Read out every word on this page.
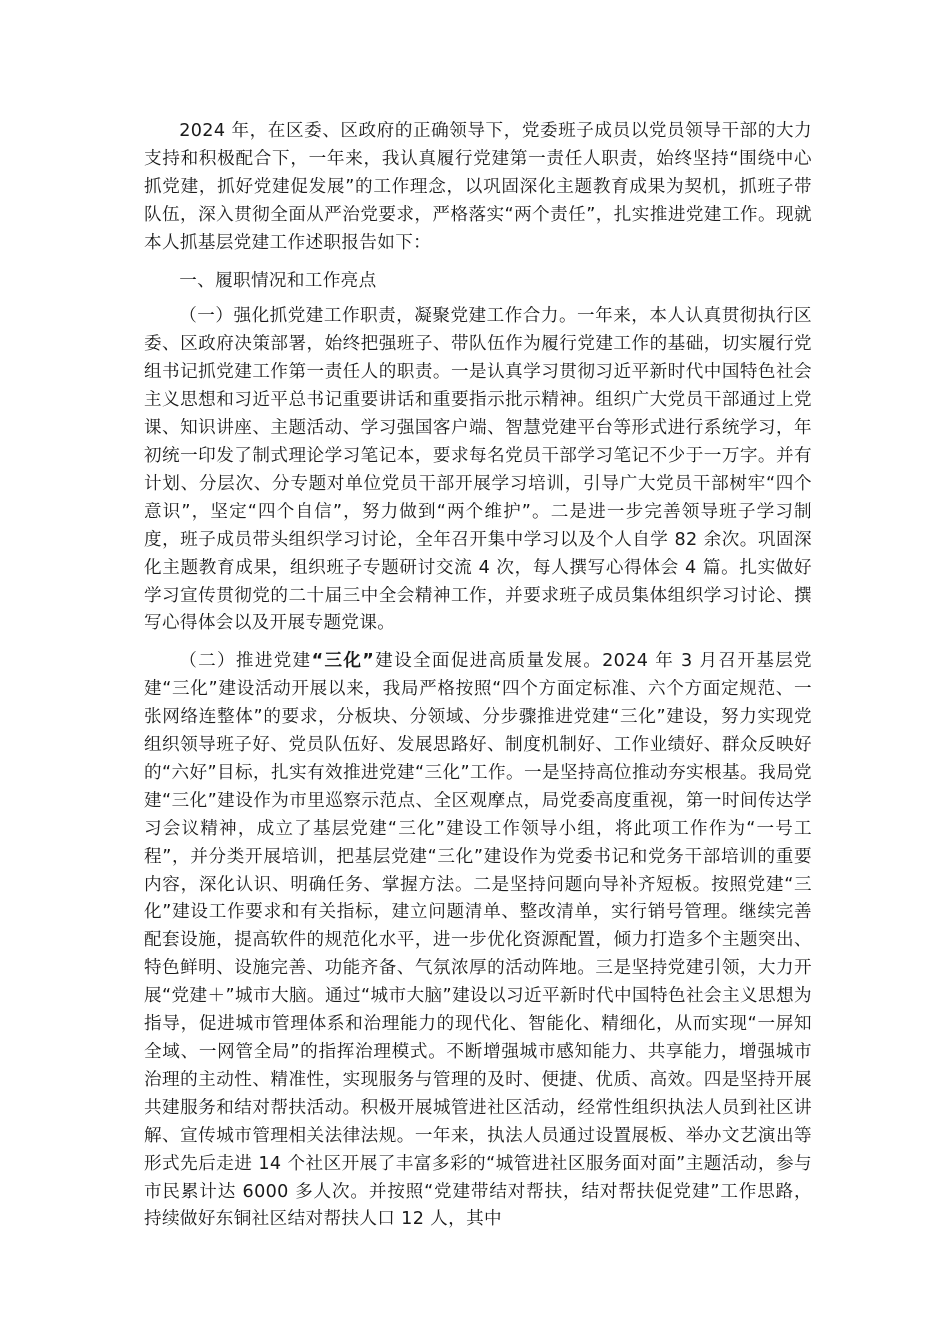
2024 年，在区委、区政府的正确领导下，党委班子成员以党员领导干部的大力支持和积极配合下，一年来，我认真履行党建第一责任人职责，始终坚持“围绕中心抓党建，抓好党建促发展”的工作理念，以巩固深化主题教育成果为契机，抓班子带队伍，深入贯彻全面从严治党要求，严格落实“两个责任”，扎实推进党建工作。现就本人抓基层党建工作述职报告如下：

一、履职情况和工作亮点

（一）强化抓党建工作职责，凝聚党建工作合力。一年来，本人认真贯彻执行区委、区政府决策部署，始终把强班子、带队伍作为履行党建工作的基础，切实履行党组书记抓党建工作第一责任人的职责。一是认真学习贯彻习近平新时代中国特色社会主义思想和习近平总书记重要讲话和重要指示批示精神。组织广大党员干部通过上党课、知识讲座、主题活动、学习强国客户端、智慧党建平台等形式进行系统学习，年初统一印发了制式理论学习笔记本，要求每名党员干部学习笔记不少于一万字。并有计划、分层次、分专题对单位党员干部开展学习培训，引导广大党员干部树牢“四个意识”，坚定“四个自信”，努力做到“两个维护”。二是进一步完善领导班子学习制度，班子成员带头组织学习讨论，全年召开集中学习以及个人自学 82 余次。巩固深化主题教育成果，组织班子专题研讨交流 4 次，每人撰写心得体会 4 篇。扎实做好学习宣传贯彻党的二十届三中全会精神工作，并要求班子成员集体组织学习讨论、撰写心得体会以及开展专题党课。

（二）推进党建“三化”建设全面促进高质量发展。2024 年 3 月召开基层党建“三化”建设活动开展以来，我局严格按照“四个方面定标准、六个方面定规范、一张网络连整体”的要求，分板块、分领域、分步骤推进党建“三化”建设，努力实现党组织领导班子好、党员队伍好、发展思路好、制度机制好、工作业绩好、群众反映好的“六好”目标，扎实有效推进党建“三化”工作。一是坚持高位推动夯实根基。我局党建“三化”建设作为市里巡察示范点、全区观摩点，局党委高度重视，第一时间传达学习会议精神，成立了基层党建“三化”建设工作领导小组，将此项工作作为“一号工程”，并分类开展培训，把基层党建“三化”建设作为党委书记和党务干部培训的重要内容，深化认识、明确任务、掌握方法。二是坚持问题向导补齐短板。按照党建“三化”建设工作要求和有关指标，建立问题清单、整改清单，实行销号管理。继续完善配套设施，提高软件的规范化水平，进一步优化资源配置，倾力打造多个主题突出、特色鲜明、设施完善、功能齐备、气氛浓厚的活动阵地。三是坚持党建引领，大力开展“党建＋”城市大脑。通过“城市大脑”建设以习近平新时代中国特色社会主义思想为指导，促进城市管理体系和治理能力的现代化、智能化、精细化，从而实现“一屏知全域、一网管全局”的指挥治理模式。不断增强城市感知能力、共享能力，增强城市治理的主动性、精准性，实现服务与管理的及时、便捷、优质、高效。四是坚持开展共建服务和结对帮扶活动。积极开展城管进社区活动，经常性组织执法人员到社区讲解、宣传城市管理相关法律法规。一年来，执法人员通过设置展板、举办文艺演出等形式先后走进 14 个社区开展了丰富多彩的“城管进社区服务面对面”主题活动，参与市民累计达 6000 多人次。并按照“党建带结对帮扶，结对帮扶促党建”工作思路，持续做好东铜社区结对帮扶人口 12 人，其中
